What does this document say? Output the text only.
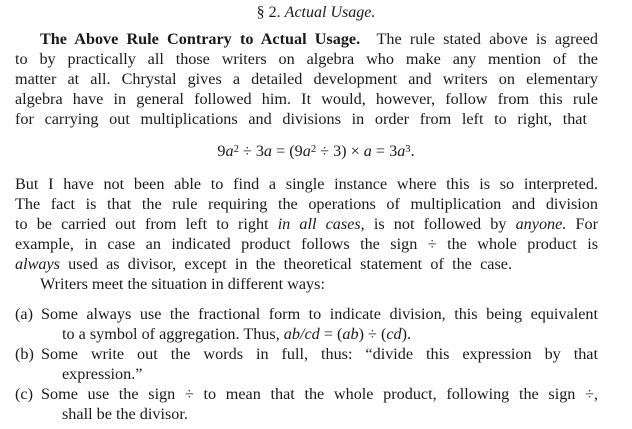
§ 2. Actual Usage.
The Above Rule Contrary to Actual Usage. The rule stated above is agreed
to by practically all those writers on algebra who make any mention of the
matter at all. Chrystal gives a detailed development and writers on elementary
algebra have in general followed him. It would, however, follow from this rule
for carrying out multiplications and divisions in order from left to right, that
$9a^2 \div 3a = (9a^2 \div 3) \times a = 3a^3$.
But I have not been able to find a single instance where this is so interpreted.
The fact is that the rule requiring the operations of multiplication and division
to be carried out from left to right in all cases, is not followed by anyone. For
example, in case an indicated product follows the sign ÷ the whole product is
always used as divisor, except in the theoretical statement of the case.
Writers meet the situation in different ways:
(a) Some always use the fractional form to indicate division, this being equivalent
to a symbol of aggregation. Thus, ab/cd = (ab) ÷ (cd).
(b) Some write out the words in full, thus: “divide this expression by that
expression.”
(c) Some use the sign ÷ to mean that the whole product, following the sign ÷,
shall be the divisor.
